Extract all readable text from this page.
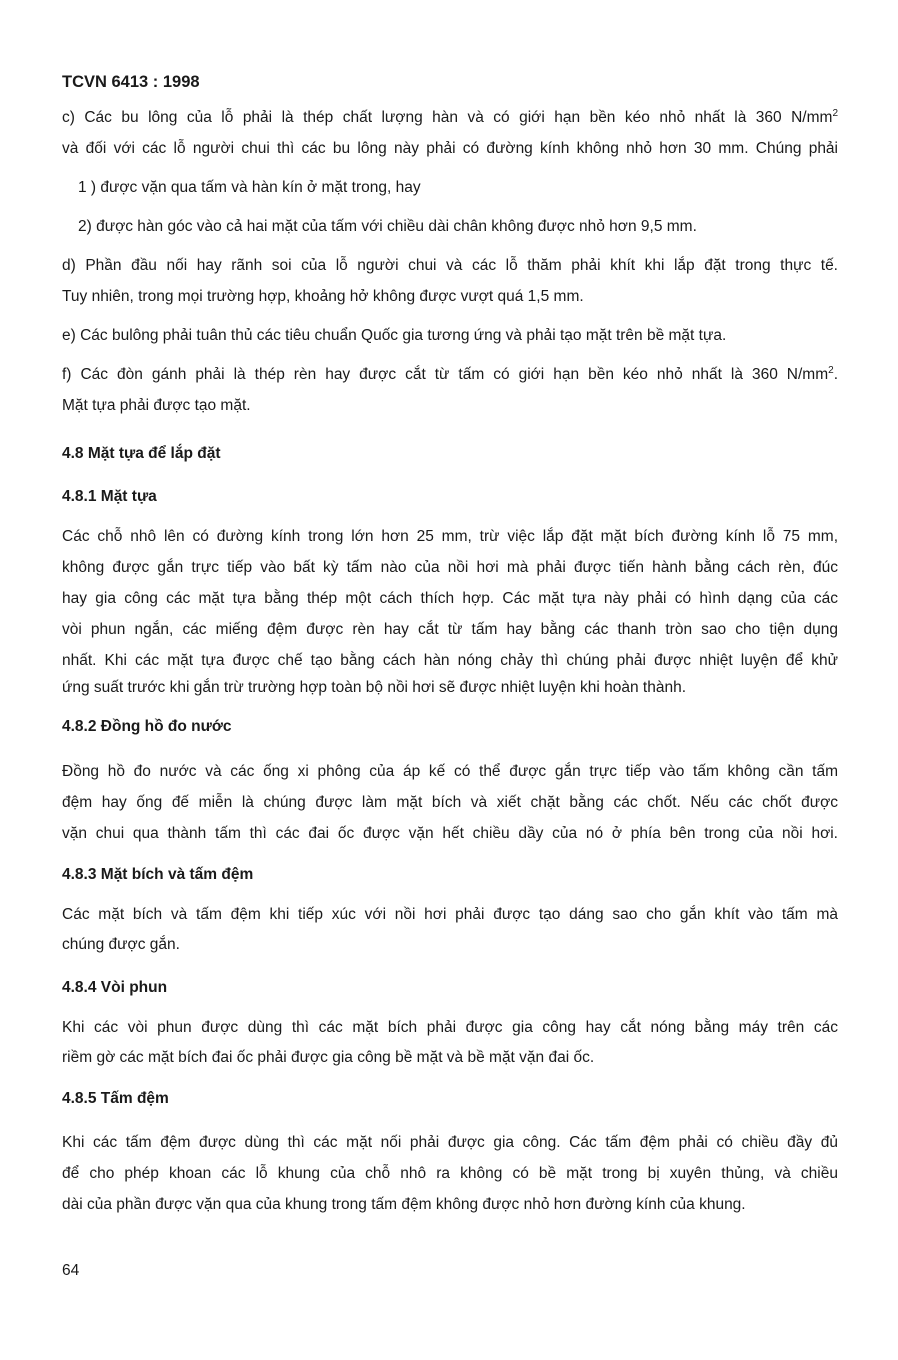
TCVN 6413 : 1998
c) Các bu lông của lỗ phải là thép chất lượng hàn và có giới hạn bền kéo nhỏ nhất là 360 $N/mm^2$
và đối với các lỗ người chui thì các bu lông này phải có đường kính không nhỏ hơn 30 mm. Chúng phải
1 ) được vặn qua tấm và hàn kín ở mặt trong, hay
2) được hàn góc vào cả hai mặt của tấm với chiều dài chân không được nhỏ hơn 9,5 mm.
d) Phần đầu nối hay rãnh soi của lỗ người chui và các lỗ thăm phải khít khi lắp đặt trong thực tế.
Tuy nhiên, trong mọi trường hợp, khoảng hở không được vượt quá 1,5 mm.
e) Các bulông phải tuân thủ các tiêu chuẩn Quốc gia tương ứng và phải tạo mặt trên bề mặt tựa.
f) Các đòn gánh phải là thép rèn hay được cắt từ tấm có giới hạn bền kéo nhỏ nhất là 360 $N/mm^2$.
Mặt tựa phải được tạo mặt.
4.8 Mặt tựa để lắp đặt
4.8.1 Mặt tựa
Các chỗ nhô lên có đường kính trong lớn hơn 25 mm, trừ việc lắp đặt mặt bích đường kính lỗ 75 mm,
không được gắn trực tiếp vào bất kỳ tấm nào của nồi hơi mà phải được tiến hành bằng cách rèn, đúc
hay gia công các mặt tựa bằng thép một cách thích hợp. Các mặt tựa này phải có hình dạng của các
vòi phun ngắn, các miếng đệm được rèn hay cắt từ tấm hay bằng các thanh tròn sao cho tiện dụng
nhất. Khi các mặt tựa được chế tạo bằng cách hàn nóng chảy thì chúng phải được nhiệt luyện để khử
ứng suất trước khi gắn trừ trường hợp toàn bộ nồi hơi sẽ được nhiệt luyện khi hoàn thành.
4.8.2 Đồng hồ đo nước
Đồng hồ đo nước và các ống xi phông của áp kế có thể được gắn trực tiếp vào tấm không cần tấm
đệm hay ống đế miễn là chúng được làm mặt bích và xiết chặt bằng các chốt. Nếu các chốt được
vặn chui qua thành tấm thì các đai ốc được vặn hết chiều dầy của nó ở phía bên trong của nồi hơi.
4.8.3 Mặt bích và tấm đệm
Các mặt bích và tấm đệm khi tiếp xúc với nồi hơi phải được tạo dáng sao cho gắn khít vào tấm mà
chúng được gắn.
4.8.4 Vòi phun
Khi các vòi phun được dùng thì các mặt bích phải được gia công hay cắt nóng bằng máy trên các
riềm gờ các mặt bích đai ốc phải được gia công bề mặt và bề mặt vặn đai ốc.
4.8.5 Tấm đệm
Khi các tấm đệm được dùng thì các mặt nối phải được gia công. Các tấm đệm phải có chiều đầy đủ
để cho phép khoan các lỗ khung của chỗ nhô ra không có bề mặt trong bị xuyên thủng, và chiều
dài của phần được vặn qua của khung trong tấm đệm không được nhỏ hơn đường kính của khung.
64
